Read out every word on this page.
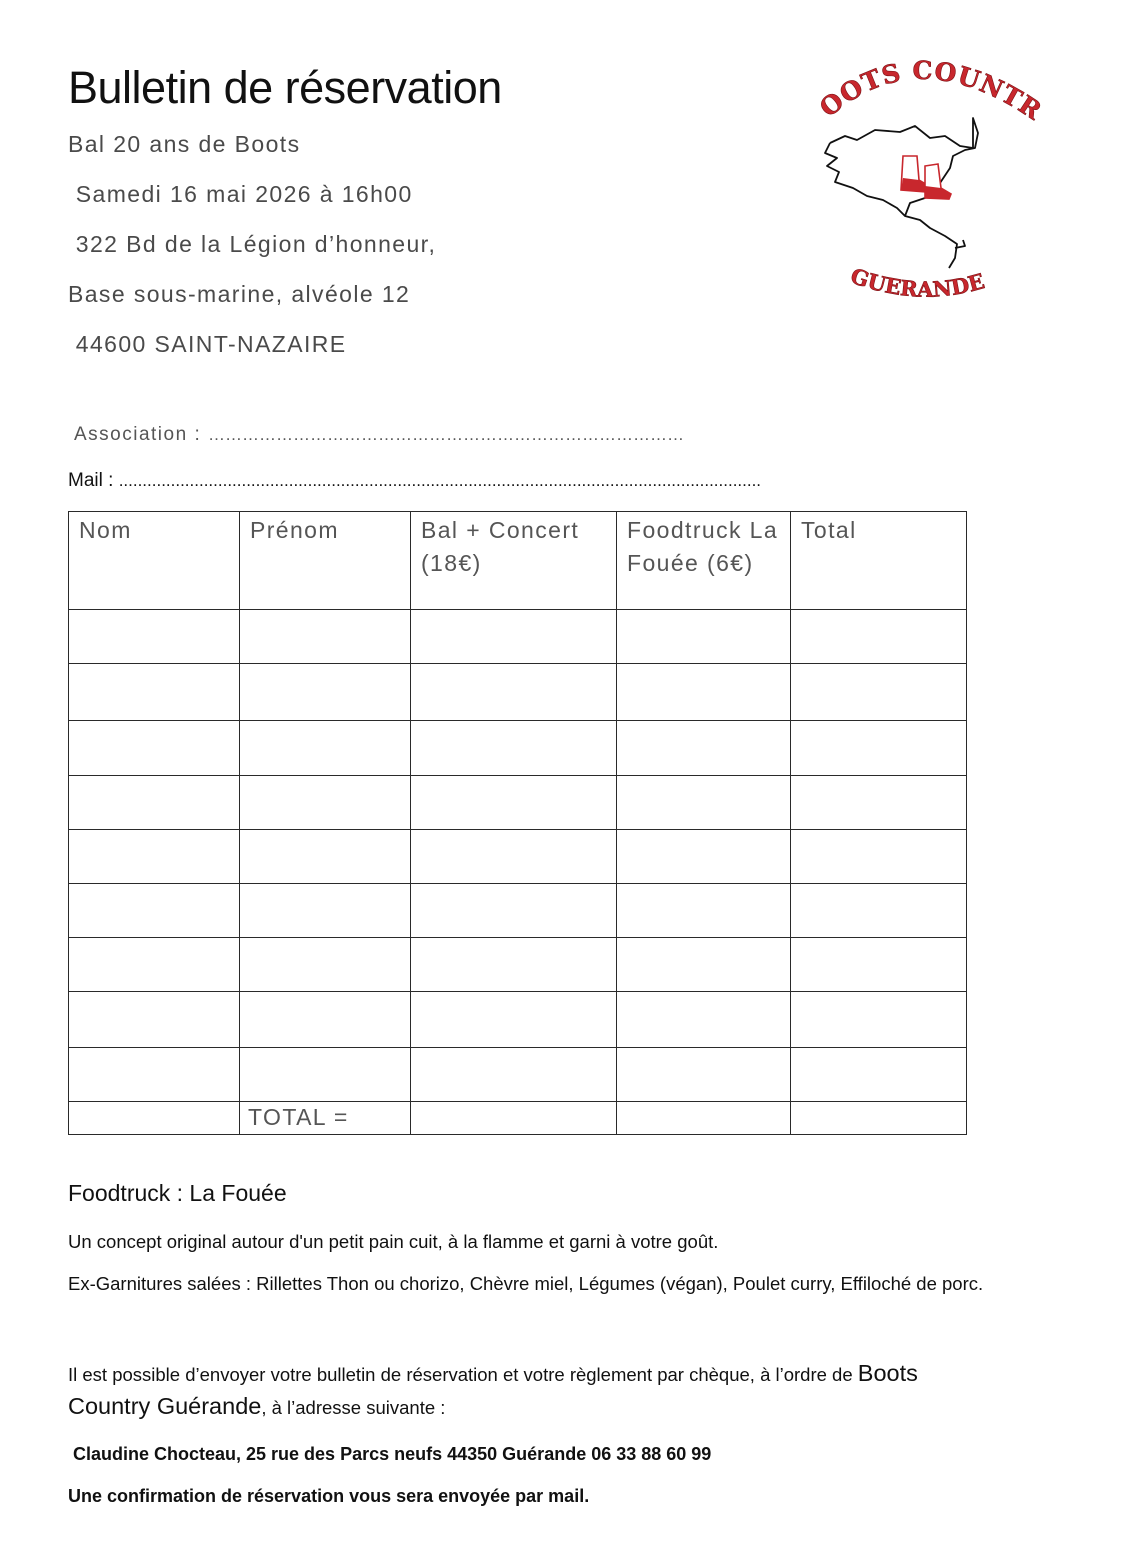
Bulletin de réservation
Bal 20 ans de Boots
Samedi 16 mai 2026 à 16h00
322 Bd de la Légion d’honneur,
Base sous-marine, alvéole 12
44600 SAINT-NAZAIRE
OOTS COUNTR
GUERANDE
Association : …………………………………………………………………………
Mail : ........................................................................................................................................
Nom	Prénom	Bal + Concert (18€)	Foodtruck La Fouée (6€)	Total

	TOTAL =			

Foodtruck : La Fouée
Un concept original autour d'un petit pain cuit, à la flamme et garni à votre goût.
Ex-Garnitures salées : Rillettes Thon ou chorizo, Chèvre miel, Légumes (végan), Poulet curry, Effiloché de porc.
Il est possible d’envoyer votre bulletin de réservation et votre règlement par chèque, à l’ordre de Boots
Country Guérande, à l’adresse suivante :
Claudine Chocteau, 25 rue des Parcs neufs 44350 Guérande 06 33 88 60 99
Une confirmation de réservation vous sera envoyée par mail.
